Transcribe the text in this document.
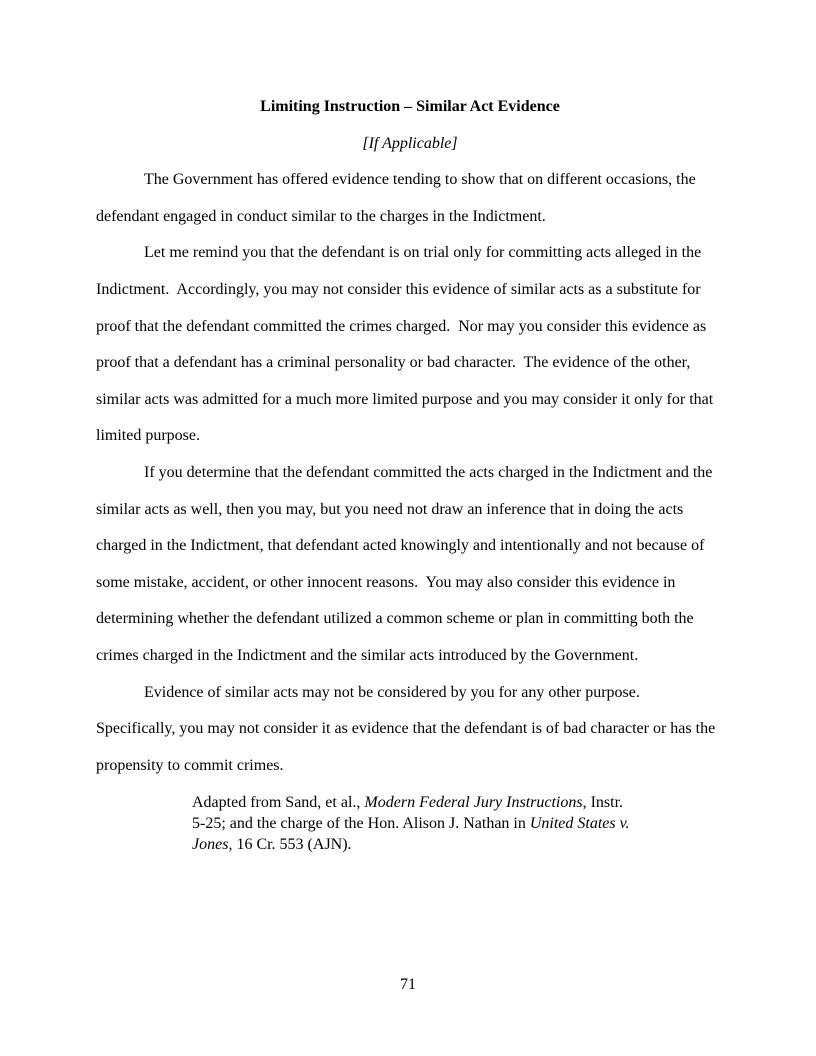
Limiting Instruction – Similar Act Evidence
[If Applicable]

The Government has offered evidence tending to show that on different occasions, the defendant engaged in conduct similar to the charges in the Indictment.

Let me remind you that the defendant is on trial only for committing acts alleged in the Indictment.  Accordingly, you may not consider this evidence of similar acts as a substitute for proof that the defendant committed the crimes charged.  Nor may you consider this evidence as proof that a defendant has a criminal personality or bad character.  The evidence of the other, similar acts was admitted for a much more limited purpose and you may consider it only for that limited purpose.

If you determine that the defendant committed the acts charged in the Indictment and the similar acts as well, then you may, but you need not draw an inference that in doing the acts charged in the Indictment, that defendant acted knowingly and intentionally and not because of some mistake, accident, or other innocent reasons.  You may also consider this evidence in determining whether the defendant utilized a common scheme or plan in committing both the crimes charged in the Indictment and the similar acts introduced by the Government.

Evidence of similar acts may not be considered by you for any other purpose.  Specifically, you may not consider it as evidence that the defendant is of bad character or has the propensity to commit crimes.

Adapted from Sand, et al., Modern Federal Jury Instructions, Instr.
5-25; and the charge of the Hon. Alison J. Nathan in United States v.
Jones, 16 Cr. 553 (AJN).
71
